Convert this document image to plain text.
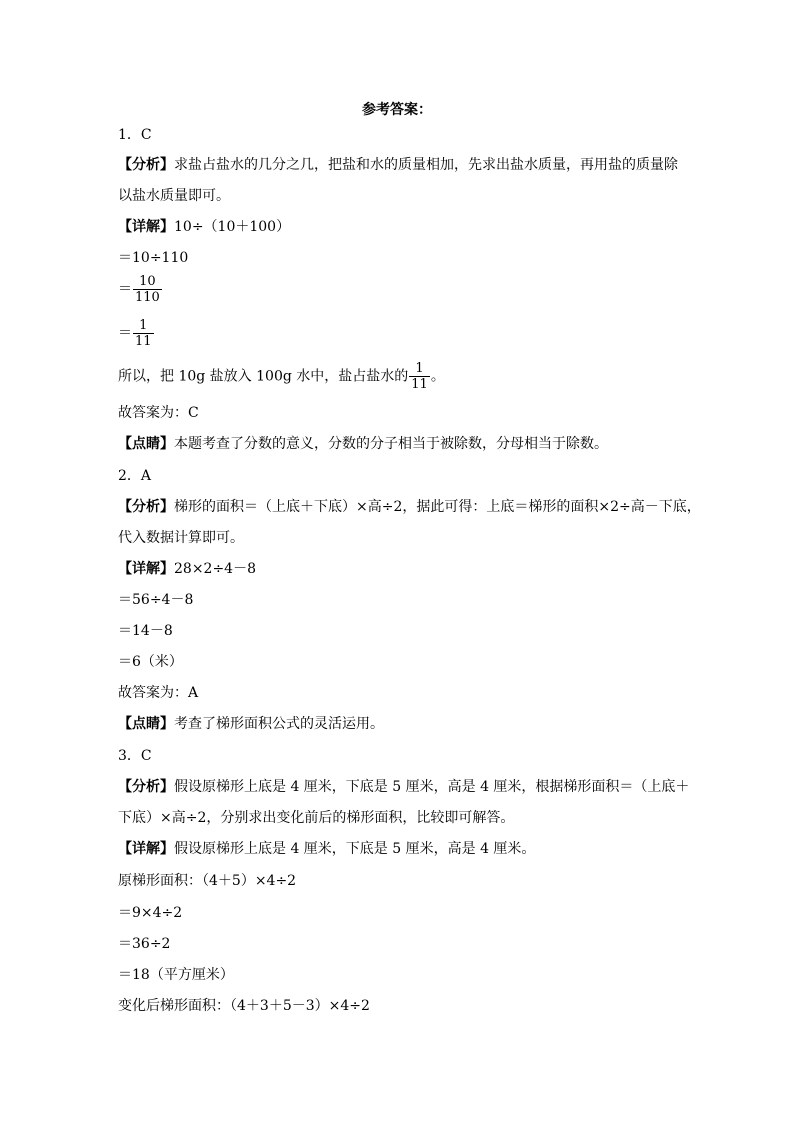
参考答案：
1．C
【分析】求盐占盐水的几分之几，把盐和水的质量相加，先求出盐水质量，再用盐的质量除
以盐水质量即可。
【详解】10÷（10＋100）
＝10÷110
＝ $\frac{10}{110}$
＝ $\frac{1}{11}$
所以，把 10g 盐放入 100g 水中，盐占盐水的 $\frac{1}{11}$ 。
故答案为：C
【点睛】本题考查了分数的意义，分数的分子相当于被除数，分母相当于除数。
2．A
【分析】梯形的面积＝（上底＋下底）×高÷2，据此可得：上底＝梯形的面积×2÷高－下底，
代入数据计算即可。
【详解】28×2÷4－8
＝56÷4－8
＝14－8
＝6（米）
故答案为：A
【点睛】考查了梯形面积公式的灵活运用。
3．C
【分析】假设原梯形上底是 4 厘米，下底是 5 厘米，高是 4 厘米，根据梯形面积＝（上底＋
下底）×高÷2，分别求出变化前后的梯形面积，比较即可解答。
【详解】假设原梯形上底是 4 厘米，下底是 5 厘米，高是 4 厘米。
原梯形面积：（4＋5）×4÷2
＝9×4÷2
＝36÷2
＝18（平方厘米）
变化后梯形面积：（4＋3＋5－3）×4÷2
